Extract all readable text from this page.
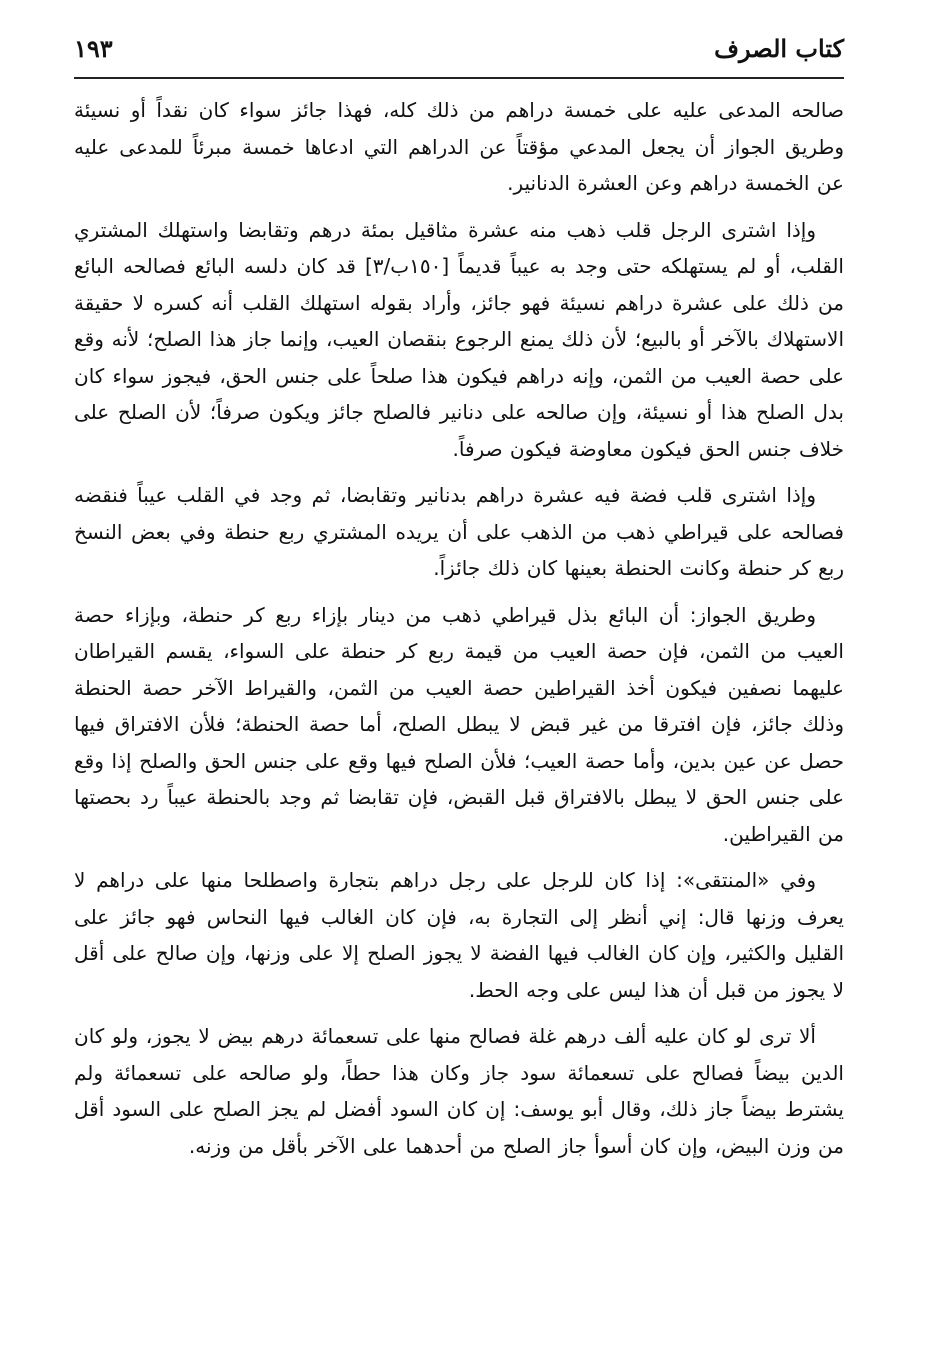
كتاب الصرف
١٩٣

صالحه المدعى عليه على خمسة دراهم من ذلك كله، فهذا جائز سواء كان نقداً أو نسيئة وطريق الجواز أن يجعل المدعي مؤقتاً عن الدراهم التي ادعاها خمسة مبرئاً للمدعى عليه عن الخمسة دراهم وعن العشرة الدنانير.

وإذا اشترى الرجل قلب ذهب منه عشرة مثاقيل بمئة درهم وتقابضا واستهلك المشتري القلب، أو لم يستهلكه حتى وجد به عيباً قديماً [١٥٠ب/٣] قد كان دلسه البائع فصالحه البائع من ذلك على عشرة دراهم نسيئة فهو جائز، وأراد بقوله استهلك القلب أنه كسره لا حقيقة الاستهلاك بالآخر أو بالبيع؛ لأن ذلك يمنع الرجوع بنقصان العيب، وإنما جاز هذا الصلح؛ لأنه وقع على حصة العيب من الثمن، وإنه دراهم فيكون هذا صلحاً على جنس الحق، فيجوز سواء كان بدل الصلح هذا أو نسيئة، وإن صالحه على دنانير فالصلح جائز ويكون صرفاً؛ لأن الصلح على خلاف جنس الحق فيكون معاوضة فيكون صرفاً.

وإذا اشترى قلب فضة فيه عشرة دراهم بدنانير وتقابضا، ثم وجد في القلب عيباً فنقضه فصالحه على قيراطي ذهب من الذهب على أن يريده المشتري ربع حنطة وفي بعض النسخ ربع كر حنطة وكانت الحنطة بعينها كان ذلك جائزاً.

وطريق الجواز: أن البائع بذل قيراطي ذهب من دينار بإزاء ربع كر حنطة، وبإزاء حصة العيب من الثمن، فإن حصة العيب من قيمة ربع كر حنطة على السواء، يقسم القيراطان عليهما نصفين فيكون أخذ القيراطين حصة العيب من الثمن، والقيراط الآخر حصة الحنطة وذلك جائز، فإن افترقا من غير قبض لا يبطل الصلح، أما حصة الحنطة؛ فلأن الافتراق فيها حصل عن عين بدين، وأما حصة العيب؛ فلأن الصلح فيها وقع على جنس الحق والصلح إذا وقع على جنس الحق لا يبطل بالافتراق قبل القبض، فإن تقابضا ثم وجد بالحنطة عيباً رد بحصتها من القيراطين.

وفي «المنتقى»: إذا كان للرجل على رجل دراهم بتجارة واصطلحا منها على دراهم لا يعرف وزنها قال: إني أنظر إلى التجارة به، فإن كان الغالب فيها النحاس فهو جائز على القليل والكثير، وإن كان الغالب فيها الفضة لا يجوز الصلح إلا على وزنها، وإن صالح على أقل لا يجوز من قبل أن هذا ليس على وجه الحط.

ألا ترى لو كان عليه ألف درهم غلة فصالح منها على تسعمائة درهم بيض لا يجوز، ولو كان الدين بيضاً فصالح على تسعمائة سود جاز وكان هذا حطاً، ولو صالحه على تسعمائة ولم يشترط بيضاً جاز ذلك، وقال أبو يوسف: إن كان السود أفضل لم يجز الصلح على السود أقل من وزن البيض، وإن كان أسوأ جاز الصلح من أحدهما على الآخر بأقل من وزنه.
